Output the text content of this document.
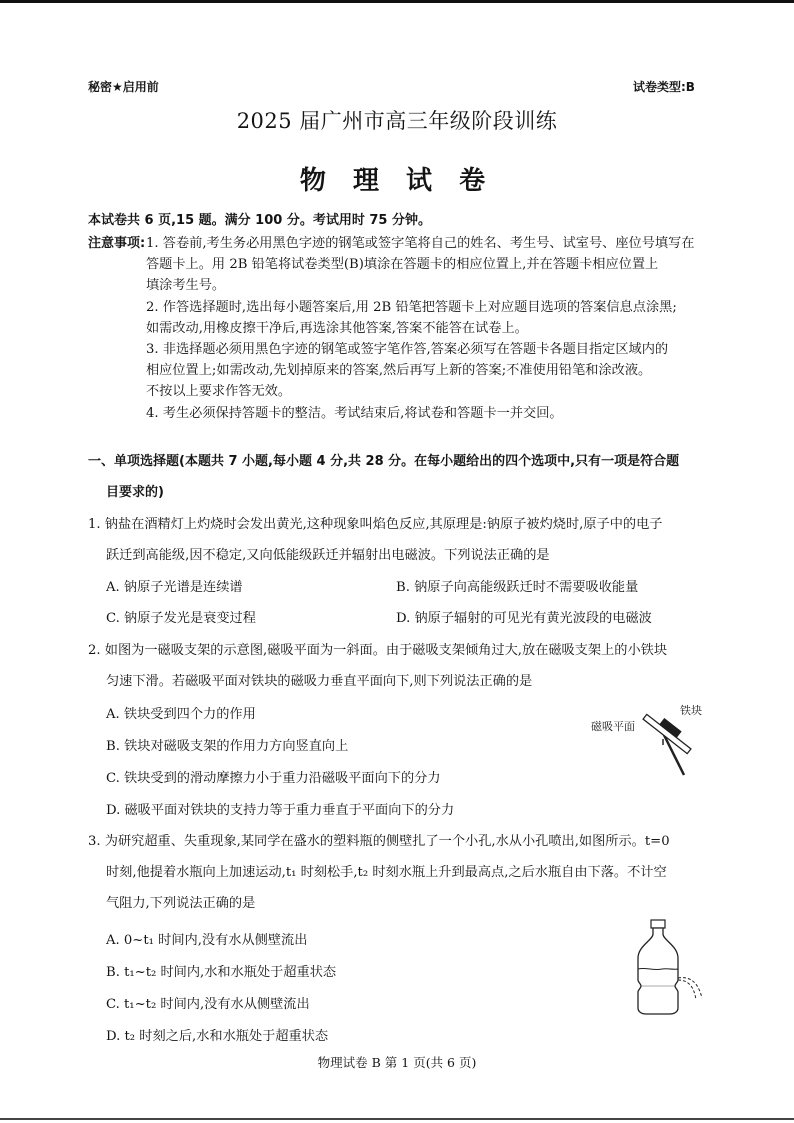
秘密★启用前	试卷类型:B
2025 届广州市高三年级阶段训练
物 理 试 卷
本试卷共 6 页,15 题。满分 100 分。考试用时 75 分钟。
注意事项: 1. 答卷前,考生务必用黑色字迹的钢笔或签字笔将自己的姓名、考生号、试室号、座位号填写在
答题卡上。用 2B 铅笔将试卷类型(B)填涂在答题卡的相应位置上,并在答题卡相应位置上
填涂考生号。
2. 作答选择题时,选出每小题答案后,用 2B 铅笔把答题卡上对应题目选项的答案信息点涂黑;
如需改动,用橡皮擦干净后,再选涂其他答案,答案不能答在试卷上。
3. 非选择题必须用黑色字迹的钢笔或签字笔作答,答案必须写在答题卡各题目指定区域内的
相应位置上;如需改动,先划掉原来的答案,然后再写上新的答案;不准使用铅笔和涂改液。
不按以上要求作答无效。
4. 考生必须保持答题卡的整洁。考试结束后,将试卷和答题卡一并交回。
一、单项选择题(本题共 7 小题,每小题 4 分,共 28 分。在每小题给出的四个选项中,只有一项是符合题
目要求的)
1. 钠盐在酒精灯上灼烧时会发出黄光,这种现象叫焰色反应,其原理是:钠原子被灼烧时,原子中的电子
跃迁到高能级,因不稳定,又向低能级跃迁并辐射出电磁波。下列说法正确的是
A. 钠原子光谱是连续谱	B. 钠原子向高能级跃迁时不需要吸收能量
C. 钠原子发光是衰变过程	D. 钠原子辐射的可见光有黄光波段的电磁波
2. 如图为一磁吸支架的示意图,磁吸平面为一斜面。由于磁吸支架倾角过大,放在磁吸支架上的小铁块
匀速下滑。若磁吸平面对铁块的磁吸力垂直平面向下,则下列说法正确的是
A. 铁块受到四个力的作用
B. 铁块对磁吸支架的作用力方向竖直向上
C. 铁块受到的滑动摩擦力小于重力沿磁吸平面向下的分力
D. 磁吸平面对铁块的支持力等于重力垂直于平面向下的分力
磁吸平面
铁块
3. 为研究超重、失重现象,某同学在盛水的塑料瓶的侧壁扎了一个小孔,水从小孔喷出,如图所示。t=0
时刻,他提着水瓶向上加速运动,t₁ 时刻松手,t₂ 时刻水瓶上升到最高点,之后水瓶自由下落。不计空
气阻力,下列说法正确的是
A. 0~t₁ 时间内,没有水从侧壁流出
B. t₁~t₂ 时间内,水和水瓶处于超重状态
C. t₁~t₂ 时间内,没有水从侧壁流出
D. t₂ 时刻之后,水和水瓶处于超重状态
物理试卷 B 第 1 页(共 6 页)
